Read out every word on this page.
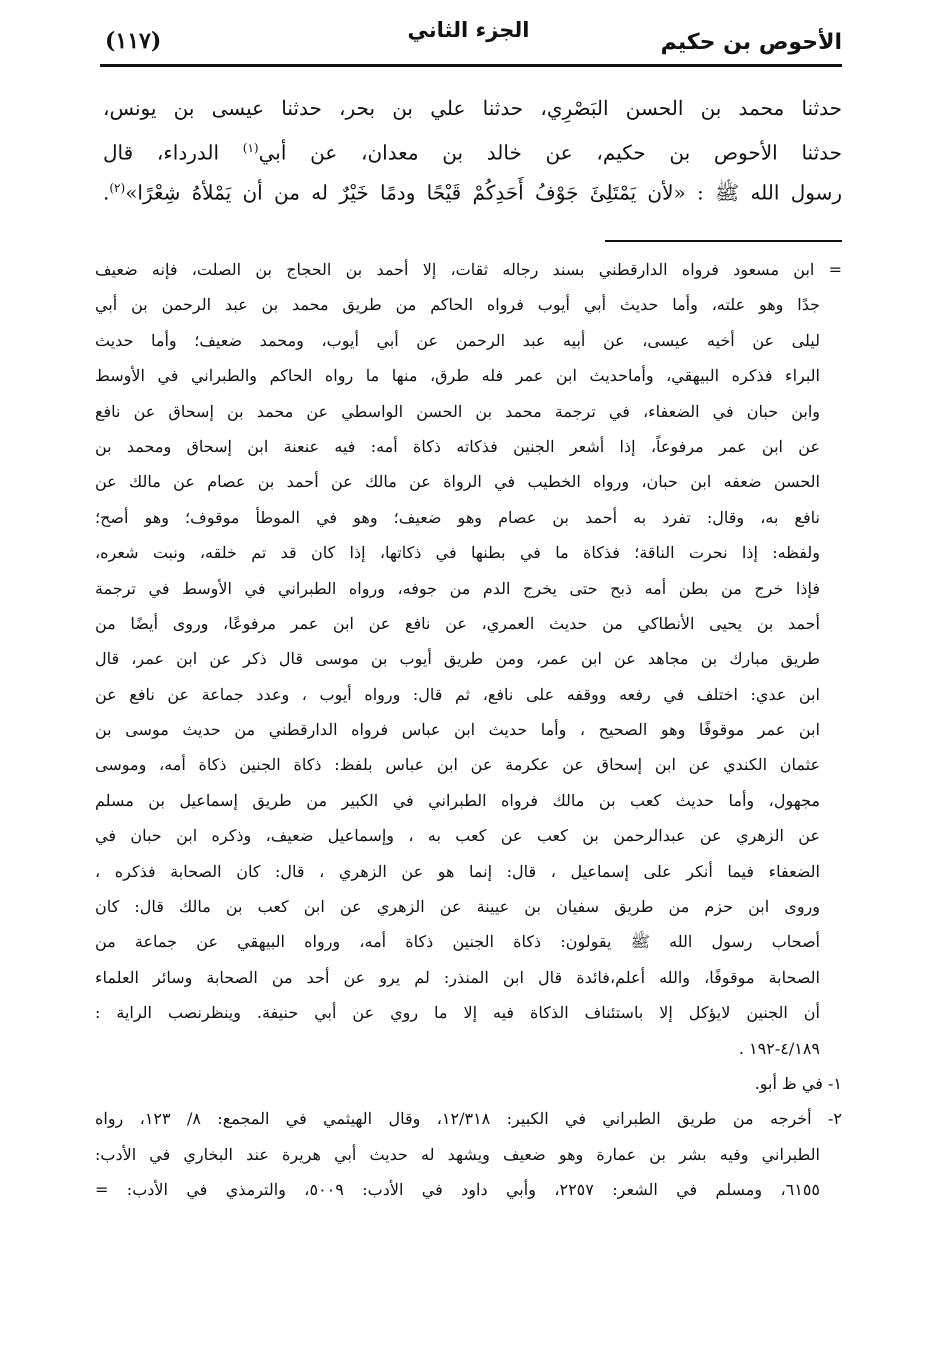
الأحوص بن حكيم
الجزء الثاني
(١١٧)
حدثنا محمد بن الحسن البَصْرِي، حدثنا علي بن بحر، حدثنا عيسى بن يونس،
حدثنا الأحوص بن حكيم، عن خالد بن معدان، عن أبي$^{(١)}$ الدرداء، قال
رسول الله ﷺ : «لأن يَمْتَلِئَ جَوْفُ أَحَدِكُمْ قَيْحًا ودمًا خَيْرٌ له من أن يَمْلأهُ شِعْرًا»$^{(٢)}$.
= ابن مسعود فرواه الدارقطني بسند رجاله ثقات، إلا أحمد بن الحجاج بن الصلت، فإنه ضعيف
جدًا وهو علته، وأما حديث أبي أيوب فرواه الحاكم من طريق محمد بن عبد الرحمن بن أبي
ليلى عن أخيه عيسى، عن أبيه عبد الرحمن عن أبي أيوب، ومحمد ضعيف؛ وأما حديث
البراء فذكره البيهقي، وأماحديث ابن عمر فله طرق، منها ما رواه الحاكم والطبراني في الأوسط
وابن حبان في الضعفاء، في ترجمة محمد بن الحسن الواسطي عن محمد بن إسحاق عن نافع
عن ابن عمر مرفوعاً، إذا أشعر الجنين فذكاته ذكاة أمه: فيه عنعنة ابن إسحاق ومحمد بن
الحسن ضعفه ابن حبان، ورواه الخطيب في الرواة عن مالك عن أحمد بن عصام عن مالك عن
نافع به، وقال: تفرد به أحمد بن عصام وهو ضعيف؛ وهو في الموطأ موقوف؛ وهو أصح؛
ولفظه: إذا نحرت الناقة؛ فذكاة ما في بطنها في ذكاتها، إذا كان قد تم خلقه، ونبت شعره،
فإذا خرج من بطن أمه ذبح حتى يخرج الدم من جوفه، ورواه الطبراني في الأوسط في ترجمة
أحمد بن يحيى الأنطاكي من حديث العمري، عن نافع عن ابن عمر مرفوعًا، وروى أيضًا من
طريق مبارك بن مجاهد عن ابن عمر، ومن طريق أيوب بن موسى قال ذكر عن ابن عمر، قال
ابن عدي: اختلف في رفعه ووقفه على نافع، ثم قال: ورواه أيوب ، وعدد جماعة عن نافع عن
ابن عمر موقوفًا وهو الصحيح ، وأما حديث ابن عباس فرواه الدارقطني من حديث موسى بن
عثمان الكندي عن ابن إسحاق عن عكرمة عن ابن عباس بلفظ: ذكاة الجنين ذكاة أمه، وموسى
مجهول، وأما حديث كعب بن مالك فرواه الطبراني في الكبير من طريق إسماعيل بن مسلم
عن الزهري عن عبدالرحمن بن كعب عن كعب به ، وإسماعيل ضعيف، وذكره ابن حبان في
الضعفاء فيما أنكر على إسماعيل ، قال: إنما هو عن الزهري ، قال: كان الصحابة فذكره ،
وروى ابن حزم من طريق سفيان بن عيينة عن الزهري عن ابن كعب بن مالك قال: كان
أصحاب رسول الله ﷺ يقولون: ذكاة الجنين ذكاة أمه، ورواه البيهقي عن جماعة من
الصحابة موقوفًا، والله أعلم،فائدة قال ابن المنذر: لم يرو عن أحد من الصحابة وسائر العلماء
أن الجنين لايؤكل إلا باستئناف الذكاة فيه إلا ما روي عن أبي حنيفة. وينظرنصب الراية :
٤/١٨٩-١٩٢ .
١- في ظ أبو.
٢- أخرجه من طريق الطبراني في الكبير: ١٢/٣١٨، وقال الهيثمي في المجمع: ٨/ ١٢٣، رواه
الطبراني وفيه بشر بن عمارة وهو ضعيف ويشهد له حديث أبي هريرة عند البخاري في الأدب:
٦١٥٥، ومسلم في الشعر: ٢٢٥٧، وأبي داود في الأدب: ٥٠٠٩، والترمذي في الأدب: =
